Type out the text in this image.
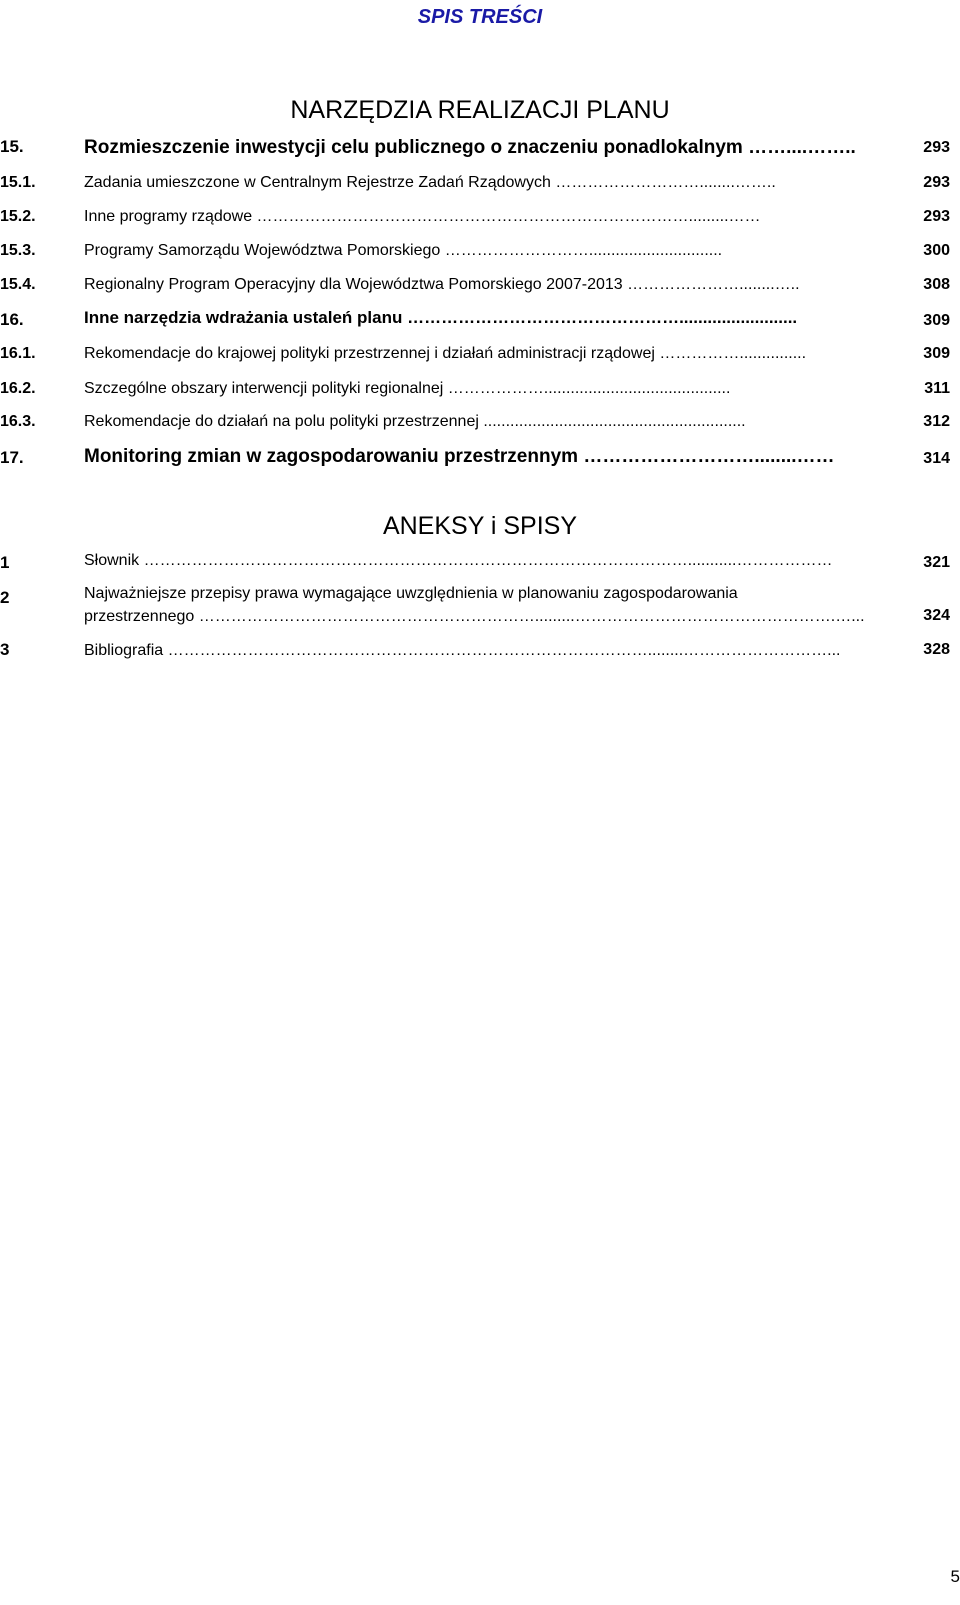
SPIS TREŚCI
NARZĘDZIA REALIZACJI PLANU
15.	Rozmieszczenie inwestycji celu publicznego o znaczeniu ponadlokalnym ……....……..	293
15.1.	Zadania umieszczone w Centralnym Rejestrze Zadań Rządowych ………………………........……..	293
15.2.	Inne programy rządowe ……………………………………………………………………….........……	293
15.3.	Programy Samorządu Województwa Pomorskiego ………………………..............................	300
15.4.	Regionalny Program Operacyjny dla Województwa Pomorskiego 2007-2013 …………………........…..	308
16.	Inne narzędzia wdrażania ustaleń planu ………………………………………….........................	309
16.1.	Rekomendacje do krajowej polityki przestrzennej i działań administracji rządowej ……………...............	309
16.2.	Szczególne obszary interwencji polityki regionalnej ………………..........................................	311
16.3.	Rekomendacje do działań na polu polityki przestrzennej ...........................................................	312
17.	Monitoring zmian w zagospodarowaniu przestrzennym ………………………........……	314
ANEKSY i SPISY
1	Słownik …………………………………………………………………………………………...........………………	321
2	Najważniejsze przepisy prawa wymagające uwzględnienia w planowaniu zagospodarowania
przestrzennego ……………………………………………………….........………………………………………….…...	324
3	Bibliografia ………………………………………………………………………………........………………………...	328
5
